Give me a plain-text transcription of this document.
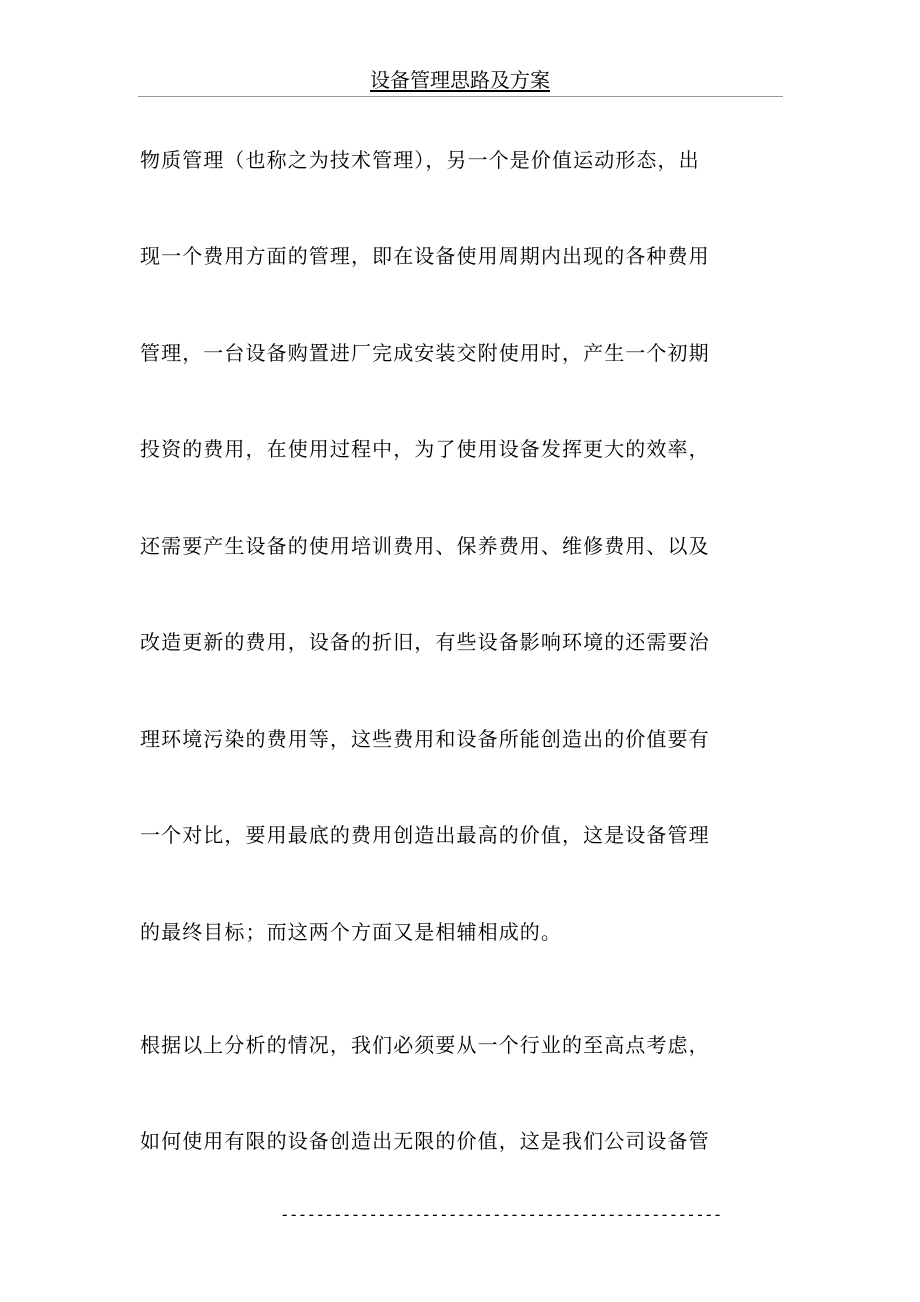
设备管理思路及方案
物质管理（也称之为技术管理），另一个是价值运动形态，出
现一个费用方面的管理，即在设备使用周期内出现的各种费用
管理，一台设备购置进厂完成安装交附使用时，产生一个初期
投资的费用，在使用过程中，为了使用设备发挥更大的效率，
还需要产生设备的使用培训费用、保养费用、维修费用、以及
改造更新的费用，设备的折旧，有些设备影响环境的还需要治
理环境污染的费用等，这些费用和设备所能创造出的价值要有
一个对比，要用最底的费用创造出最高的价值，这是设备管理
的最终目标；而这两个方面又是相辅相成的。
根据以上分析的情况，我们必须要从一个行业的至高点考虑，
如何使用有限的设备创造出无限的价值，这是我们公司设备管
--------------------------------------------------
